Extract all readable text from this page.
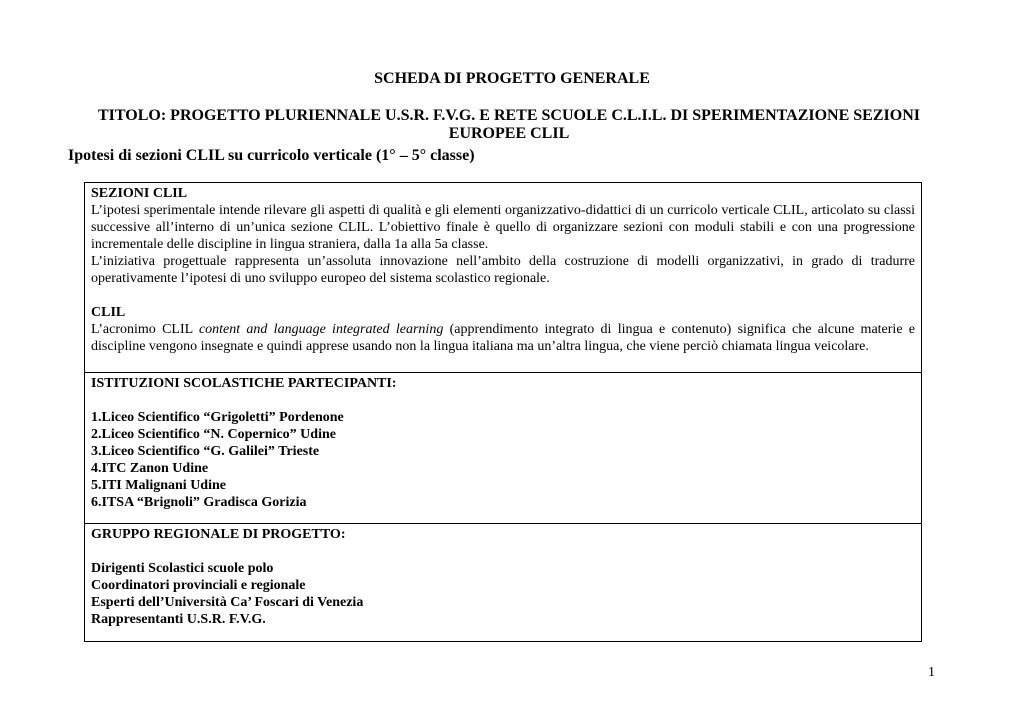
SCHEDA DI PROGETTO GENERALE
TITOLO: PROGETTO PLURIENNALE U.S.R. F.V.G. E RETE SCUOLE C.L.I.L. DI SPERIMENTAZIONE SEZIONI EUROPEE CLIL
Ipotesi di sezioni CLIL su curricolo verticale (1° – 5° classe)
SEZIONI CLIL
L’ipotesi sperimentale intende rilevare gli aspetti di qualità e gli elementi organizzativo-didattici di un curricolo verticale CLIL, articolato su classi successive all’interno di un’unica sezione CLIL. L’obiettivo finale è quello di organizzare sezioni con moduli stabili e con una progressione incrementale delle discipline in lingua straniera, dalla 1a alla 5a classe.
L’iniziativa progettuale rappresenta un’assoluta innovazione nell’ambito della costruzione di modelli organizzativi, in grado di tradurre operativamente l’ipotesi di uno sviluppo europeo del sistema scolastico regionale.
CLIL
L’acronimo CLIL content and language integrated learning (apprendimento integrato di lingua e contenuto) significa che alcune materie e discipline vengono insegnate e quindi apprese usando non la lingua italiana ma un’altra lingua, che viene perciò chiamata lingua veicolare.
ISTITUZIONI SCOLASTICHE PARTECIPANTI:
1.Liceo Scientifico “Grigoletti” Pordenone
2.Liceo Scientifico “N. Copernico” Udine
3.Liceo Scientifico “G. Galilei” Trieste
4.ITC Zanon Udine
5.ITI Malignani Udine
6.ITSA “Brignoli” Gradisca Gorizia
GRUPPO REGIONALE DI PROGETTO:
Dirigenti Scolastici scuole polo
Coordinatori provinciali e regionale
Esperti dell’Università Ca’ Foscari di Venezia
Rappresentanti U.S.R. F.V.G.
1
